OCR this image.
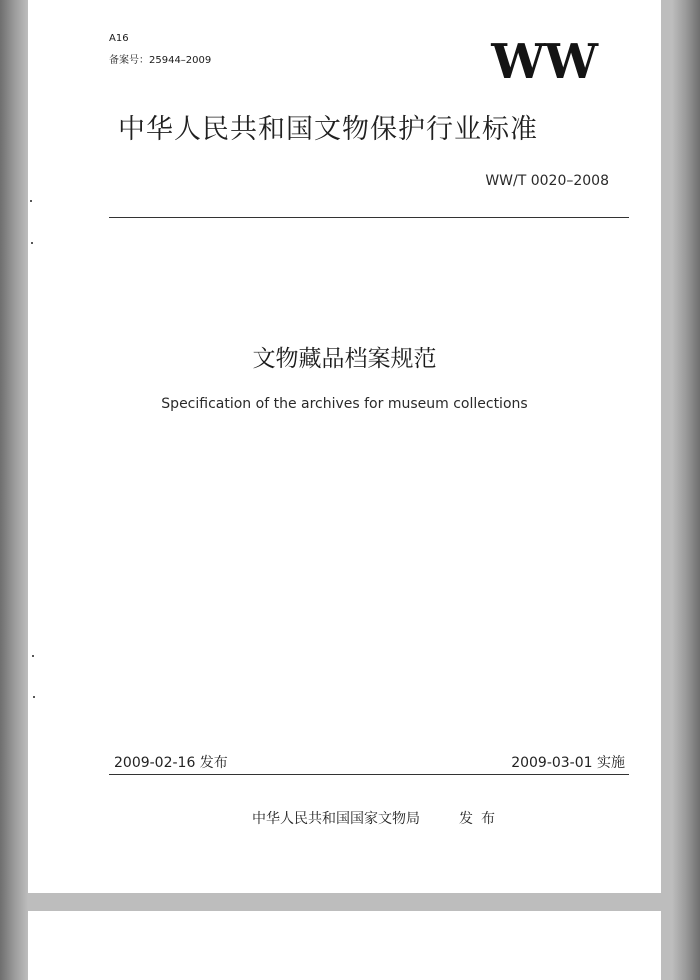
A16
备案号：25944–2009	WW
中华人民共和国文物保护行业标准
WW/T 0020–2008
文物藏品档案规范
Specification of the archives for museum collections
2009-02-16 发布	2009-03-01 实施
中华人民共和国国家文物局	发布
